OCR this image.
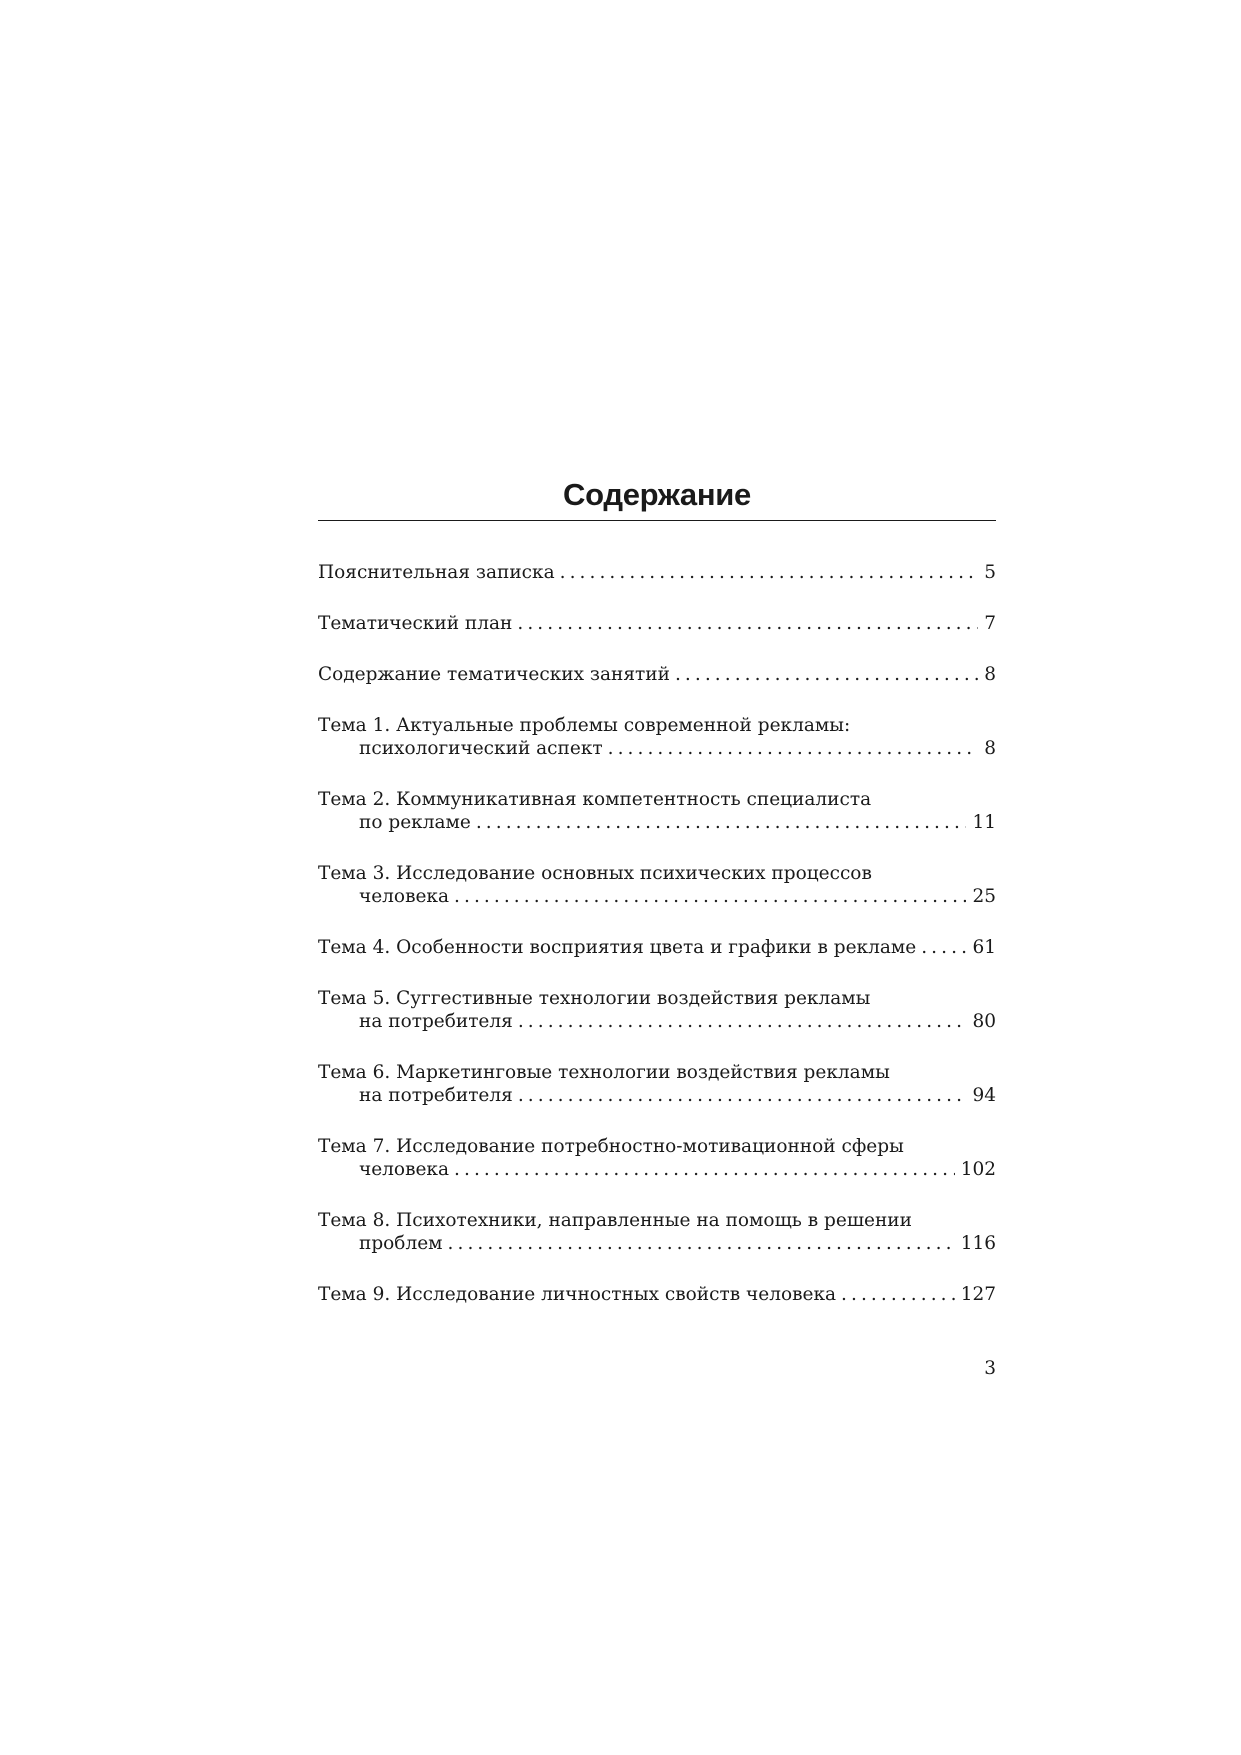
Содержание
Пояснительная записка . . .	5
Тематический план . . .	7
Содержание тематических занятий . . .	8
Тема 1. Актуальные проблемы современной рекламы:
психологический аспект . . .	8
Тема 2. Коммуникативная компетентность специалиста
по рекламе . . .	11
Тема 3. Исследование основных психических процессов
человека . . .	25
Тема 4. Особенности восприятия цвета и графики в рекламе . . .	61
Тема 5. Суггестивные технологии воздействия рекламы
на потребителя . . .	80
Тема 6. Маркетинговые технологии воздействия рекламы
на потребителя . . .	94
Тема 7. Исследование потребностно-мотивационной сферы
человека . . .	102
Тема 8. Психотехники, направленные на помощь в решении
проблем . . .	116
Тема 9. Исследование личностных свойств человека . . .	127
3
